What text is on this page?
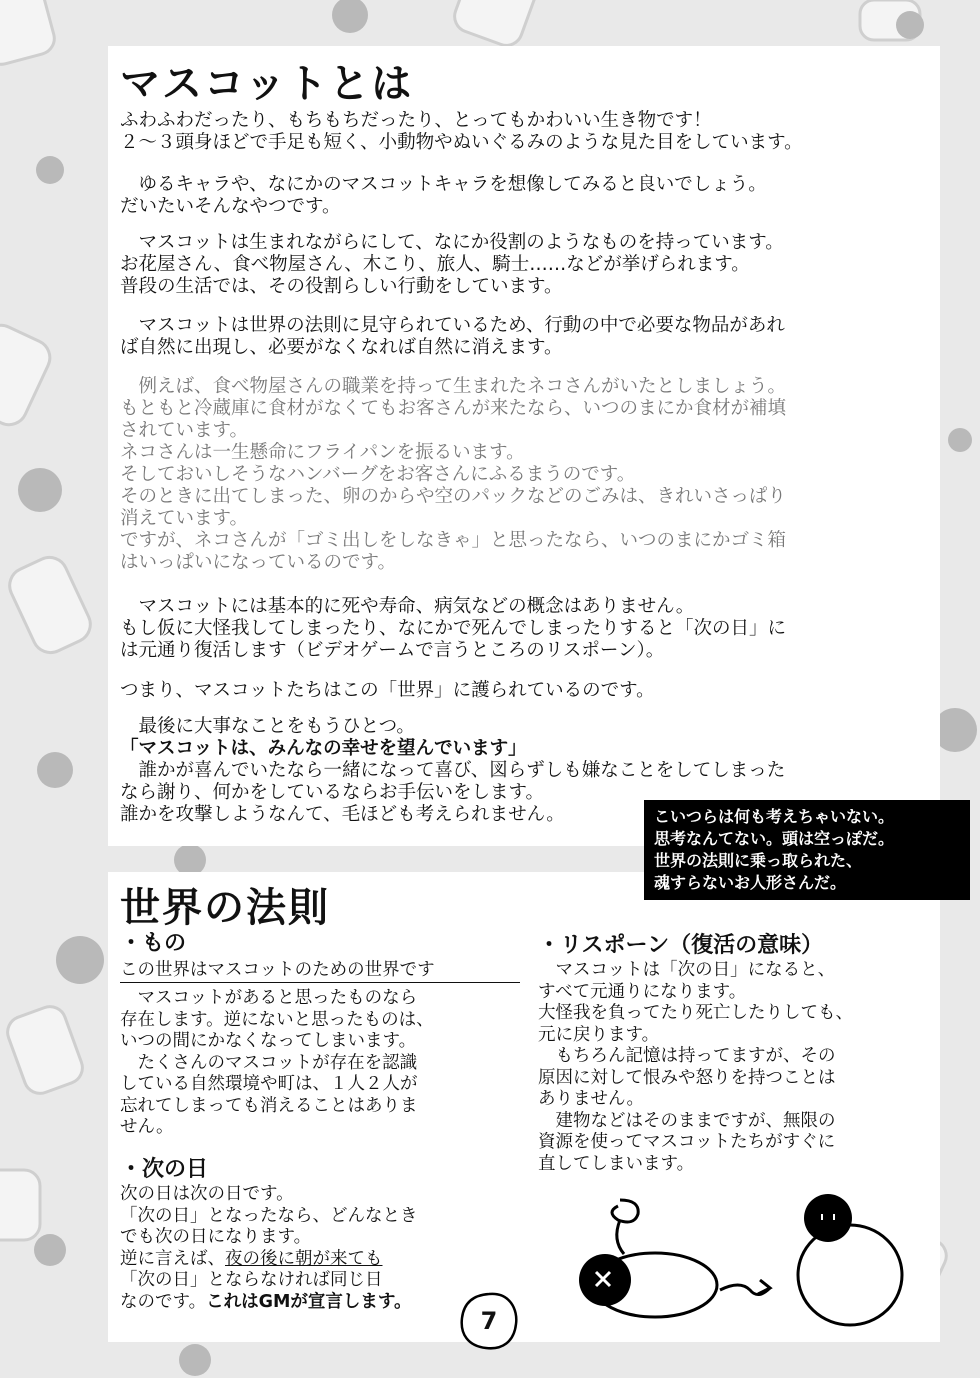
マスコットとは
ふわふわだったり、もちもちだったり、とってもかわいい生き物です！
２～３頭身ほどで手足も短く、小動物やぬいぐるみのような見た目をしています。
　ゆるキャラや、なにかのマスコットキャラを想像してみると良いでしょう。
だいたいそんなやつです。
　マスコットは生まれながらにして、なにか役割のようなものを持っています。
お花屋さん、食べ物屋さん、木こり、旅人、騎士……などが挙げられます。
普段の生活では、その役割らしい行動をしています。
　マスコットは世界の法則に見守られているため、行動の中で必要な物品があれ
ば自然に出現し、必要がなくなれば自然に消えます。
　例えば、食べ物屋さんの職業を持って生まれたネコさんがいたとしましょう。
もともと冷蔵庫に食材がなくてもお客さんが来たなら、いつのまにか食材が補填
されています。
ネコさんは一生懸命にフライパンを振るいます。
そしておいしそうなハンバーグをお客さんにふるまうのです。
そのときに出てしまった、卵のからや空のパックなどのごみは、きれいさっぱり
消えています。
ですが、ネコさんが「ゴミ出しをしなきゃ」と思ったなら、いつのまにかゴミ箱
はいっぱいになっているのです。
　マスコットには基本的に死や寿命、病気などの概念はありません。
もし仮に大怪我してしまったり、なにかで死んでしまったりすると「次の日」に
は元通り復活します（ビデオゲームで言うところのリスポーン）。
つまり、マスコットたちはこの「世界」に護られているのです。
　最後に大事なことをもうひとつ。
「マスコットは、みんなの幸せを望んでいます」
　誰かが喜んでいたなら一緒になって喜び、図らずしも嫌なことをしてしまった
なら謝り、何かをしているならお手伝いをします。
誰かを攻撃しようなんて、毛ほども考えられません。	こいつらは何も考えちゃいない。
思考なんてない。頭は空っぽだ。
世界の法則に乗っ取られた、
魂すらないお人形さんだ。
世界の法則
・もの
この世界はマスコットのための世界です
　マスコットがあると思ったものなら
存在します。逆にないと思ったものは、
いつの間にかなくなってしまいます。
　たくさんのマスコットが存在を認識
している自然環境や町は、１人２人が
忘れてしまっても消えることはありま
せん。
・次の日
次の日は次の日です。
「次の日」となったなら、どんなとき
でも次の日になります。
逆に言えば、夜の後に朝が来ても
「次の日」とならなければ同じ日
なのです。これはGMが宣言します。
・リスポーン（復活の意味）
　マスコットは「次の日」になると、
すべて元通りになります。
大怪我を負ってたり死亡したりしても、
元に戻ります。
　もちろん記憶は持ってますが、その
原因に対して恨みや怒りを持つことは
ありません。
　建物などはそのままですが、無限の
資源を使ってマスコットたちがすぐに
直してしまいます。
7
